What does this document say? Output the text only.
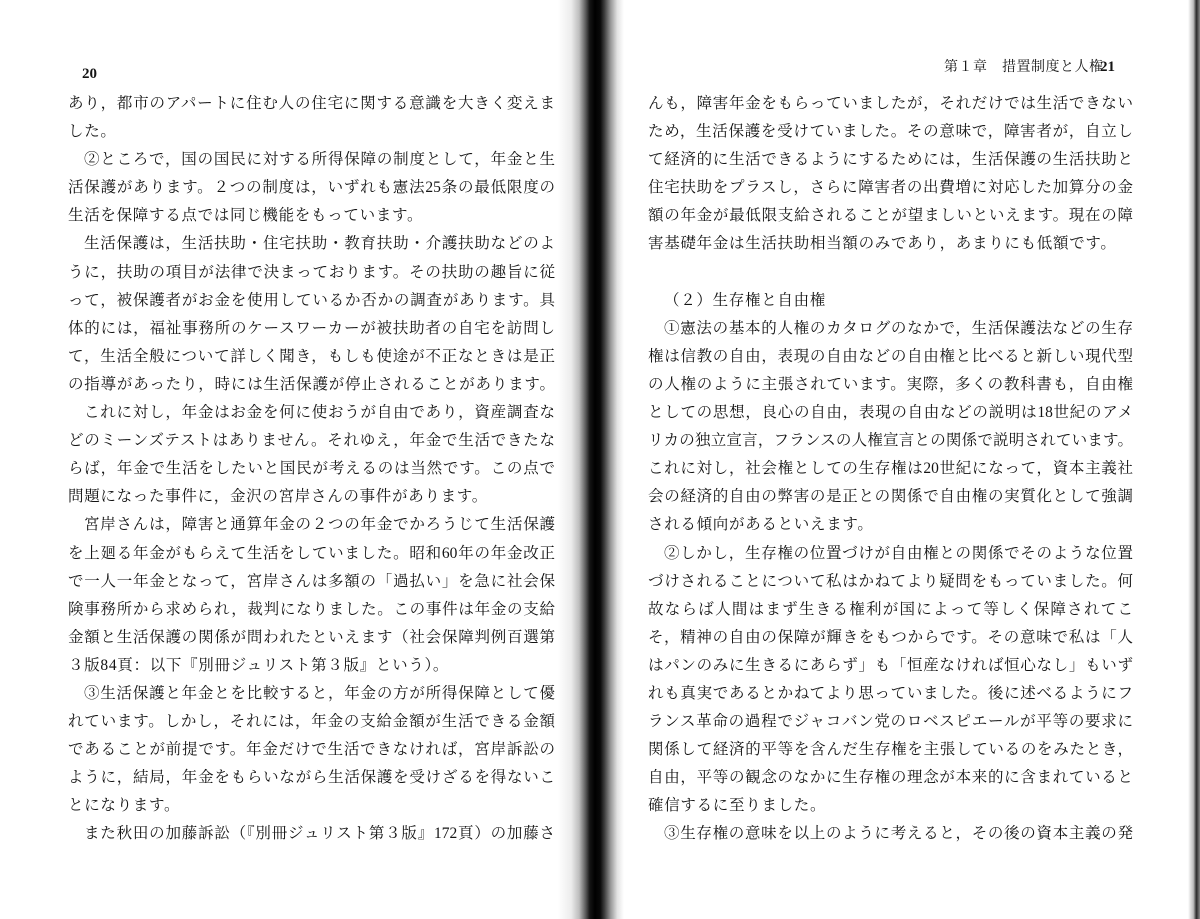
20
あり，都市のアパートに住む人の住宅に関する意識を大きく変えま
した。
②ところで，国の国民に対する所得保障の制度として，年金と生
活保護があります。２つの制度は，いずれも憲法25条の最低限度の
生活を保障する点では同じ機能をもっています。
生活保護は，生活扶助・住宅扶助・教育扶助・介護扶助などのよ
うに，扶助の項目が法律で決まっております。その扶助の趣旨に従
って，被保護者がお金を使用しているか否かの調査があります。具
体的には，福祉事務所のケースワーカーが被扶助者の自宅を訪問し
て，生活全般について詳しく聞き，もしも使途が不正なときは是正
の指導があったり，時には生活保護が停止されることがあります。
これに対し，年金はお金を何に使おうが自由であり，資産調査な
どのミーンズテストはありません。それゆえ，年金で生活できたな
らば，年金で生活をしたいと国民が考えるのは当然です。この点で
問題になった事件に，金沢の宮岸さんの事件があります。
宮岸さんは，障害と通算年金の２つの年金でかろうじて生活保護
を上廻る年金がもらえて生活をしていました。昭和60年の年金改正
で一人一年金となって，宮岸さんは多額の「過払い」を急に社会保
険事務所から求められ，裁判になりました。この事件は年金の支給
金額と生活保護の関係が問われたといえます（社会保障判例百選第
３版84頁：以下『別冊ジュリスト第３版』という）。
③生活保護と年金とを比較すると，年金の方が所得保障として優
れています。しかし，それには，年金の支給金額が生活できる金額
であることが前提です。年金だけで生活できなければ，宮岸訴訟の
ように，結局，年金をもらいながら生活保護を受けざるを得ないこ
とになります。
また秋田の加藤訴訟（『別冊ジュリスト第３版』172頁）の加藤さ
第１章　措置制度と人権
21
んも，障害年金をもらっていましたが，それだけでは生活できない
ため，生活保護を受けていました。その意味で，障害者が，自立し
て経済的に生活できるようにするためには，生活保護の生活扶助と
住宅扶助をプラスし，さらに障害者の出費増に対応した加算分の金
額の年金が最低限支給されることが望ましいといえます。現在の障
害基礎年金は生活扶助相当額のみであり，あまりにも低額です。
（２）生存権と自由権
①憲法の基本的人権のカタログのなかで，生活保護法などの生存
権は信教の自由，表現の自由などの自由権と比べると新しい現代型
の人権のように主張されています。実際，多くの教科書も，自由権
としての思想，良心の自由，表現の自由などの説明は18世紀のアメ
リカの独立宣言，フランスの人権宣言との関係で説明されています。
これに対し，社会権としての生存権は20世紀になって，資本主義社
会の経済的自由の弊害の是正との関係で自由権の実質化として強調
される傾向があるといえます。
②しかし，生存権の位置づけが自由権との関係でそのような位置
づけされることについて私はかねてより疑問をもっていました。何
故ならば人間はまず生きる権利が国によって等しく保障されてこ
そ，精神の自由の保障が輝きをもつからです。その意味で私は「人
はパンのみに生きるにあらず」も「恒産なければ恒心なし」もいず
れも真実であるとかねてより思っていました。後に述べるようにフ
ランス革命の過程でジャコバン党のロベスピエールが平等の要求に
関係して経済的平等を含んだ生存権を主張しているのをみたとき，
自由，平等の観念のなかに生存権の理念が本来的に含まれていると
確信するに至りました。
③生存権の意味を以上のように考えると，その後の資本主義の発
